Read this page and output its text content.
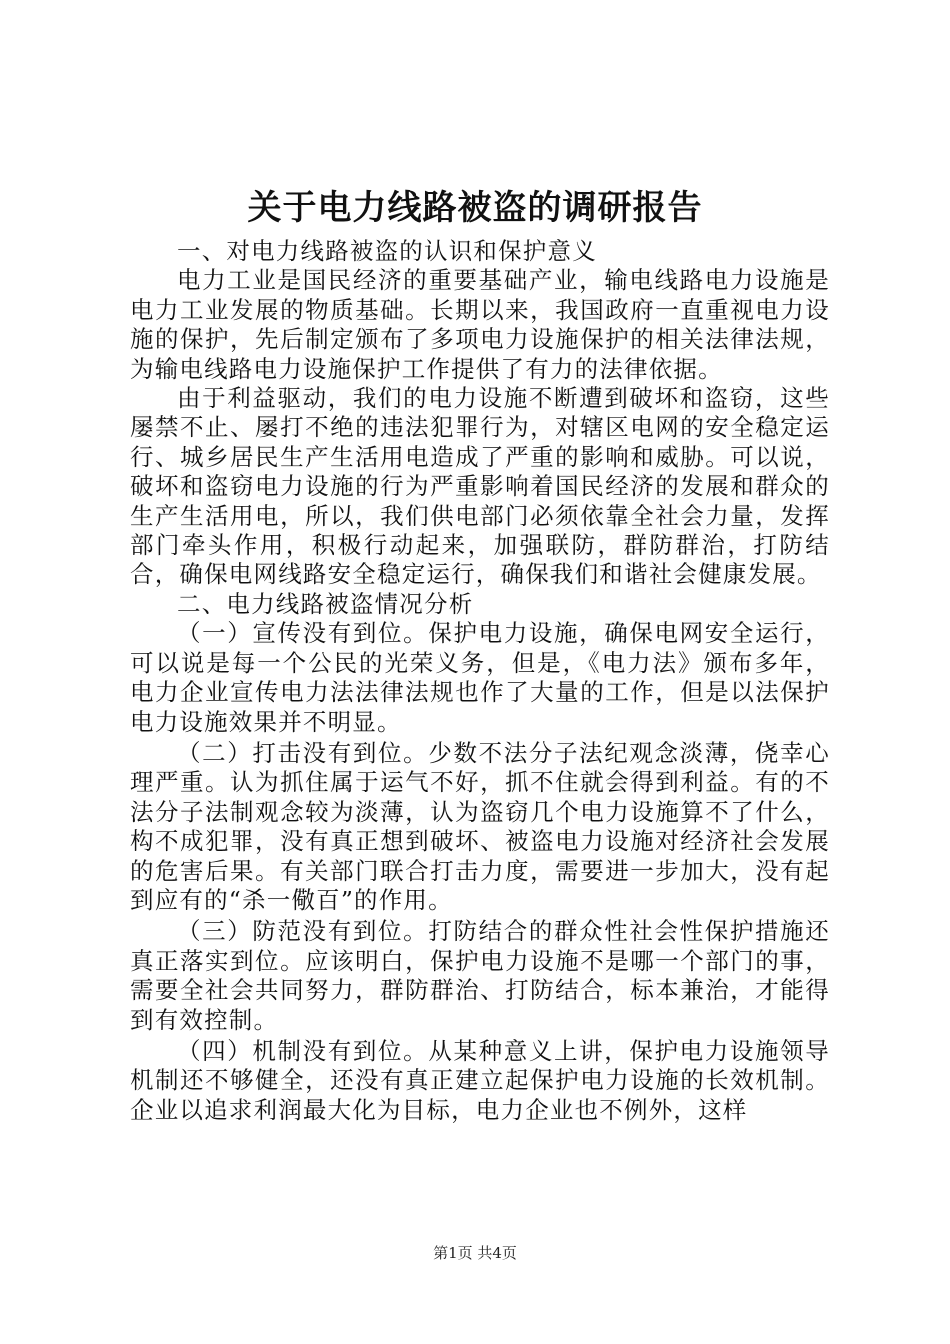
关于电力线路被盗的调研报告

一、对电力线路被盗的认识和保护意义

电力工业是国民经济的重要基础产业，输电线路电力设施是电力工业发展的物质基础。长期以来，我国政府一直重视电力设施的保护，先后制定颁布了多项电力设施保护的相关法律法规，为输电线路电力设施保护工作提供了有力的法律依据。

由于利益驱动，我们的电力设施不断遭到破坏和盗窃，这些屡禁不止、屡打不绝的违法犯罪行为，对辖区电网的安全稳定运行、城乡居民生产生活用电造成了严重的影响和威胁。可以说，破坏和盗窃电力设施的行为严重影响着国民经济的发展和群众的生产生活用电，所以，我们供电部门必须依靠全社会力量，发挥部门牵头作用，积极行动起来，加强联防，群防群治，打防结合，确保电网线路安全稳定运行，确保我们和谐社会健康发展。

二、电力线路被盗情况分析

（一）宣传没有到位。保护电力设施，确保电网安全运行，可以说是每一个公民的光荣义务，但是，《电力法》颁布多年，电力企业宣传电力法法律法规也作了大量的工作，但是以法保护电力设施效果并不明显。

（二）打击没有到位。少数不法分子法纪观念淡薄，侥幸心理严重。认为抓住属于运气不好，抓不住就会得到利益。有的不法分子法制观念较为淡薄，认为盗窃几个电力设施算不了什么，构不成犯罪，没有真正想到破坏、被盗电力设施对经济社会发展的危害后果。有关部门联合打击力度，需要进一步加大，没有起到应有的“杀一儆百”的作用。

（三）防范没有到位。打防结合的群众性社会性保护措施还真正落实到位。应该明白，保护电力设施不是哪一个部门的事，需要全社会共同努力，群防群治、打防结合，标本兼治，才能得到有效控制。

（四）机制没有到位。从某种意义上讲，保护电力设施领导机制还不够健全，还没有真正建立起保护电力设施的长效机制。企业以追求利润最大化为目标，电力企业也不例外，这样

第1页 共4页
